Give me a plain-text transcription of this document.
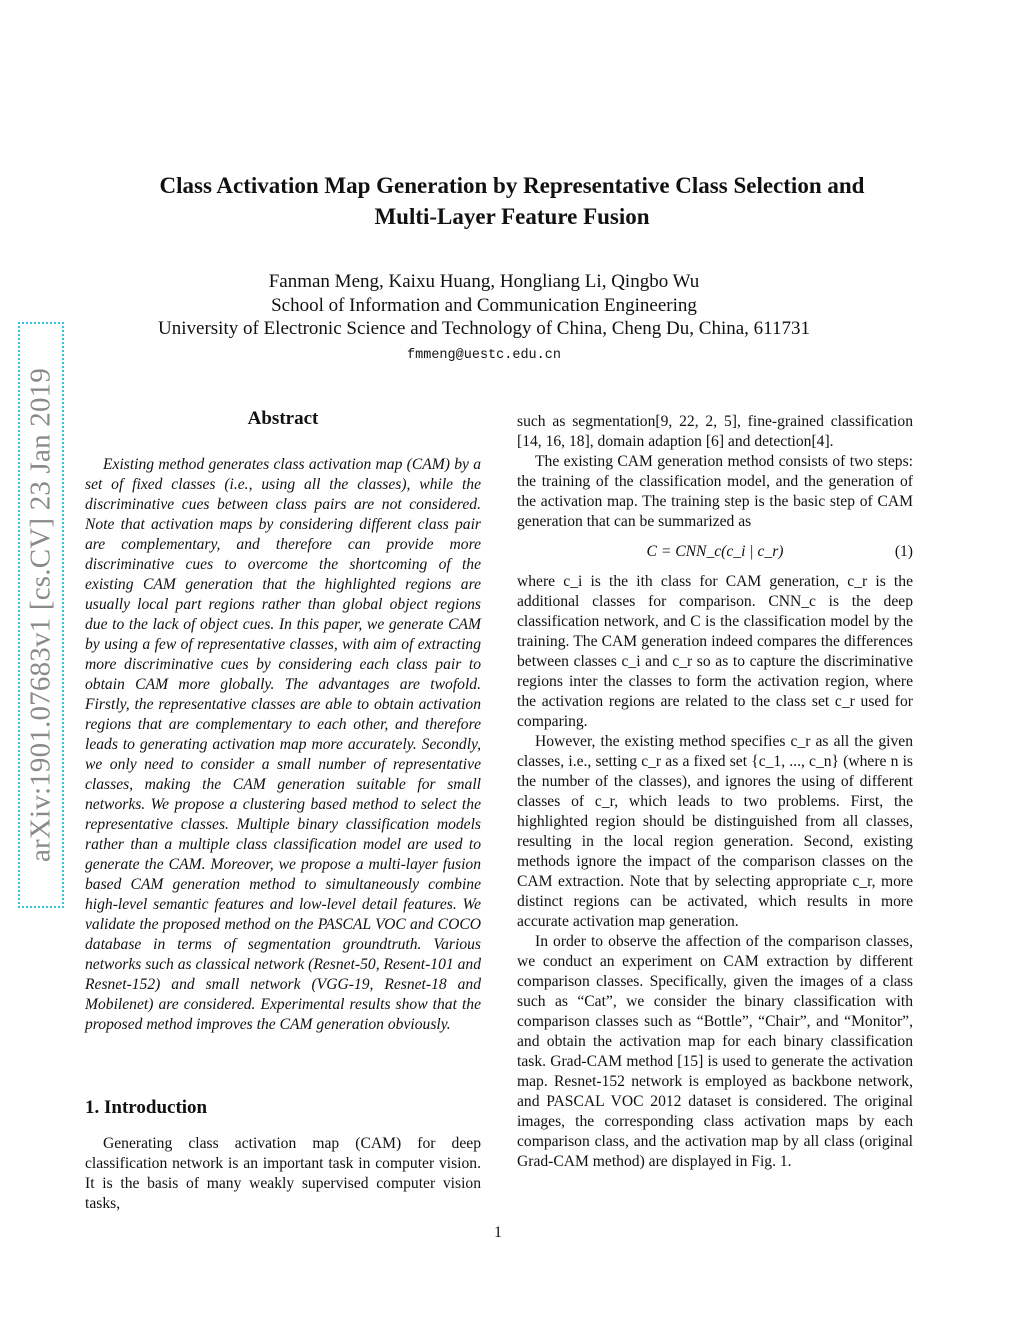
arXiv:1901.07683v1 [cs.CV] 23 Jan 2019
Class Activation Map Generation by Representative Class Selection and
Multi-Layer Feature Fusion
Fanman Meng, Kaixu Huang, Hongliang Li, Qingbo Wu
School of Information and Communication Engineering
University of Electronic Science and Technology of China, Cheng Du, China, 611731
fmmeng@uestc.edu.cn
Abstract

Existing method generates class activation map (CAM) by a set of fixed classes (i.e., using all the classes), while the discriminative cues between class pairs are not considered. Note that activation maps by considering different class pair are complementary, and therefore can provide more discriminative cues to overcome the shortcoming of the existing CAM generation that the highlighted regions are usually local part regions rather than global object regions due to the lack of object cues. In this paper, we generate CAM by using a few of representative classes, with aim of extracting more discriminative cues by considering each class pair to obtain CAM more globally. The advantages are twofold. Firstly, the representative classes are able to obtain activation regions that are complementary to each other, and therefore leads to generating activation map more accurately. Secondly, we only need to consider a small number of representative classes, making the CAM generation suitable for small networks. We propose a clustering based method to select the representative classes. Multiple binary classification models rather than a multiple class classification model are used to generate the CAM. Moreover, we propose a multi-layer fusion based CAM generation method to simultaneously combine high-level semantic features and low-level detail features. We validate the proposed method on the PASCAL VOC and COCO database in terms of segmentation groundtruth. Various networks such as classical network (Resnet-50, Resent-101 and Resnet-152) and small network (VGG-19, Resnet-18 and Mobilenet) are considered. Experimental results show that the proposed method improves the CAM generation obviously.

1. Introduction

Generating class activation map (CAM) for deep classification network is an important task in computer vision. It is the basis of many weakly supervised computer vision tasks,

such as segmentation[9, 22, 2, 5], fine-grained classification [14, 16, 18], domain adaption [6] and detection[4].

The existing CAM generation method consists of two steps: the training of the classification model, and the generation of the activation map. The training step is the basic step of CAM generation that can be summarized as

C = CNN_c(c_i | c_r)	(1)

where c_i is the ith class for CAM generation, c_r is the additional classes for comparison. CNN_c is the deep classification network, and C is the classification model by the training. The CAM generation indeed compares the differences between classes c_i and c_r so as to capture the discriminative regions inter the classes to form the activation region, where the activation regions are related to the class set c_r used for comparing.

However, the existing method specifies c_r as all the given classes, i.e., setting c_r as a fixed set {c_1, ..., c_n} (where n is the number of the classes), and ignores the using of different classes of c_r, which leads to two problems. First, the highlighted region should be distinguished from all classes, resulting in the local region generation. Second, existing methods ignore the impact of the comparison classes on the CAM extraction. Note that by selecting appropriate c_r, more distinct regions can be activated, which results in more accurate activation map generation.

In order to observe the affection of the comparison classes, we conduct an experiment on CAM extraction by different comparison classes. Specifically, given the images of a class such as “Cat”, we consider the binary classification with comparison classes such as “Bottle”, “Chair”, and “Monitor”, and obtain the activation map for each binary classification task. Grad-CAM method [15] is used to generate the activation map. Resnet-152 network is employed as backbone network, and PASCAL VOC 2012 dataset is considered. The original images, the corresponding class activation maps by each comparison class, and the activation map by all class (original Grad-CAM method) are displayed in Fig. 1.

1
